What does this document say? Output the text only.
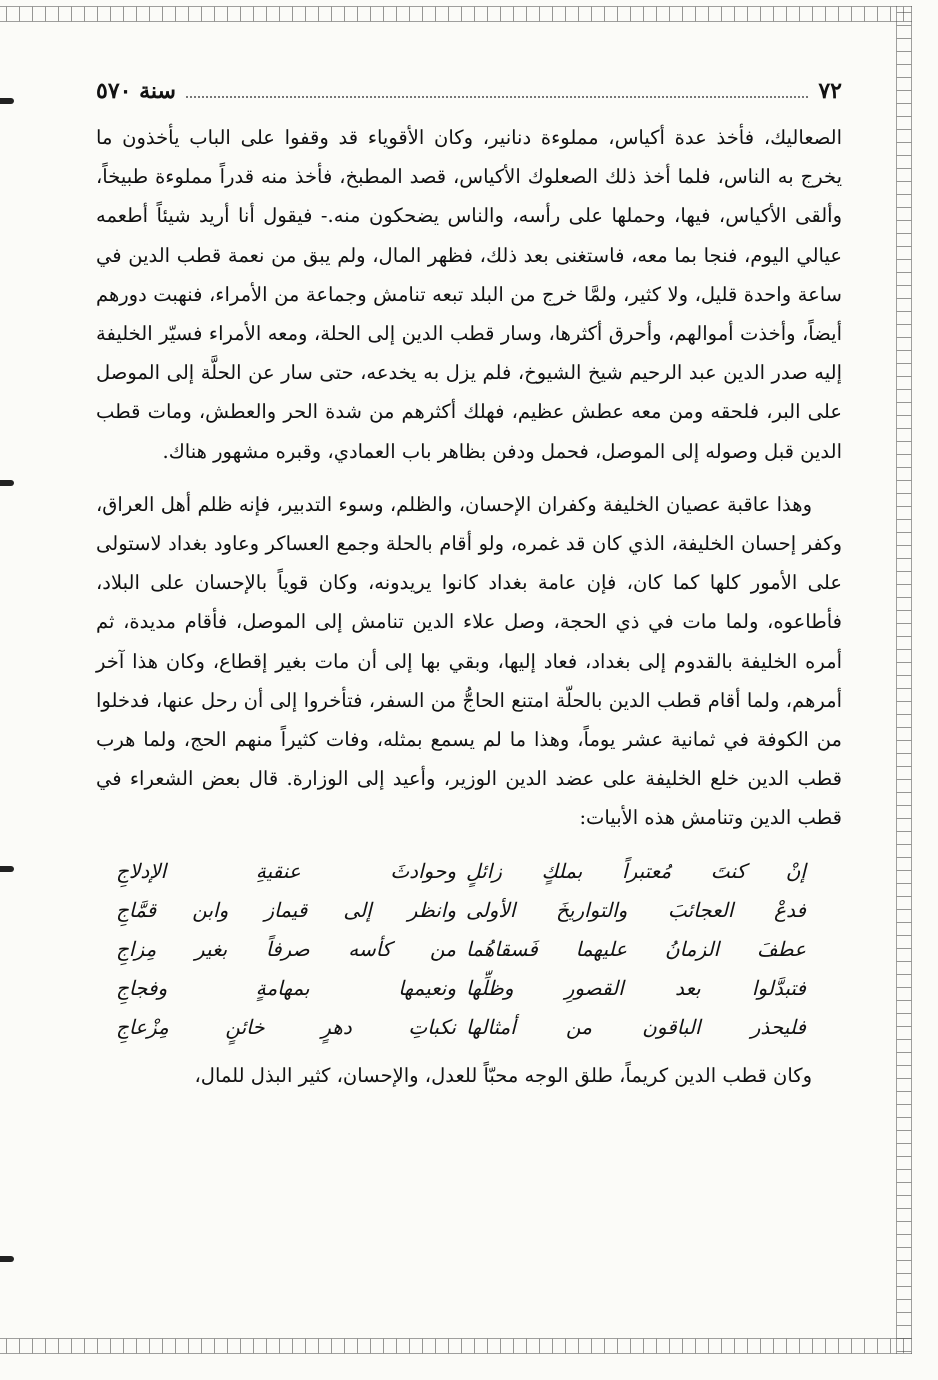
٧٢
سنة ٥٧٠

الصعاليك، فأخذ عدة أكياس، مملوءة دنانير، وكان الأقوياء قد وقفوا على الباب يأخذون ما يخرج به الناس، فلما أخذ ذلك الصعلوك الأكياس، قصد المطبخ، فأخذ منه قدراً مملوءة طبيخاً، وألقى الأكياس، فيها، وحملها على رأسه، والناس يضحكون منه.- فيقول أنا أريد شيئاً أطعمه عيالي اليوم، فنجا بما معه، فاستغنى بعد ذلك، فظهر المال، ولم يبق من نعمة قطب الدين في ساعة واحدة قليل، ولا كثير، ولمَّا خرج من البلد تبعه تنامش وجماعة من الأمراء، فنهبت دورهم أيضاً، وأخذت أموالهم، وأحرق أكثرها، وسار قطب الدين إلى الحلة، ومعه الأمراء فسيّر الخليفة إليه صدر الدين عبد الرحيم شيخ الشيوخ، فلم يزل به يخدعه، حتى سار عن الحلَّة إلى الموصل على البر، فلحقه ومن معه عطش عظيم، فهلك أكثرهم من شدة الحر والعطش، ومات قطب الدين قبل وصوله إلى الموصل، فحمل ودفن بظاهر باب العمادي، وقبره مشهور هناك.

وهذا عاقبة عصيان الخليفة وكفران الإحسان، والظلم، وسوء التدبير، فإنه ظلم أهل العراق، وكفر إحسان الخليفة، الذي كان قد غمره، ولو أقام بالحلة وجمع العساكر وعاود بغداد لاستولى على الأمور كلها كما كان، فإن عامة بغداد كانوا يريدونه، وكان قوياً بالإحسان على البلاد، فأطاعوه، ولما مات في ذي الحجة، وصل علاء الدين تنامش إلى الموصل، فأقام مديدة، ثم أمره الخليفة بالقدوم إلى بغداد، فعاد إليها، وبقي بها إلى أن مات بغير إقطاع، وكان هذا آخر أمرهم، ولما أقام قطب الدين بالحلّة امتنع الحاجُّ من السفر، فتأخروا إلى أن رحل عنها، فدخلوا من الكوفة في ثمانية عشر يوماً، وهذا ما لم يسمع بمثله، وفات كثيراً منهم الحج، ولما هرب قطب الدين خلع الخليفة على عضد الدين الوزير، وأعيد إلى الوزارة. قال بعض الشعراء في قطب الدين وتنامش هذه الأبيات:

إنْ كنتَ مُعتبراً بملكٍ زائلٍ
وحوادثَ عنقيةِ الإدلاجِ
فدعْ العجائبَ والتواريخَ الأولى
وانظر إلى قيماز وابن قمَّاجِ
عطفَ الزمانُ عليهما فَسقاهُما
من كأسه صرفاً بغير مِزاجِ
فتبدَّلوا بعد القصورِ وظلِّها
ونعيمها بمهامةٍ وفجاجِ
فليحذر الباقون من أمثالها
نكباتِ دهرٍ خائنٍ مِزْعاجِ

وكان قطب الدين كريماً، طلق الوجه محبّاً للعدل، والإحسان، كثير البذل للمال،
